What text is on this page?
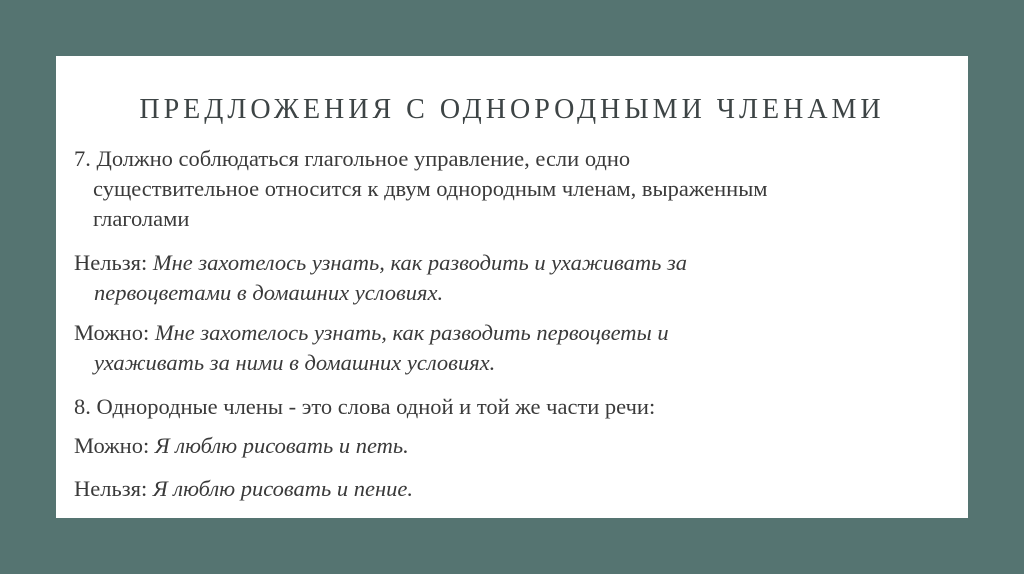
ПРЕДЛОЖЕНИЯ С ОДНОРОДНЫМИ ЧЛЕНАМИ
7. Должно соблюдаться глагольное управление, если одно
существительное относится к двум однородным членам, выраженным
глаголами
Нельзя: Мне захотелось узнать, как разводить и ухаживать за
первоцветами в домашних условиях.
Можно: Мне захотелось узнать, как разводить первоцветы и
ухаживать за ними в домашних условиях.
8. Однородные члены - это слова одной и той же части речи:
Можно: Я люблю рисовать и петь.
Нельзя: Я люблю рисовать и пение.
